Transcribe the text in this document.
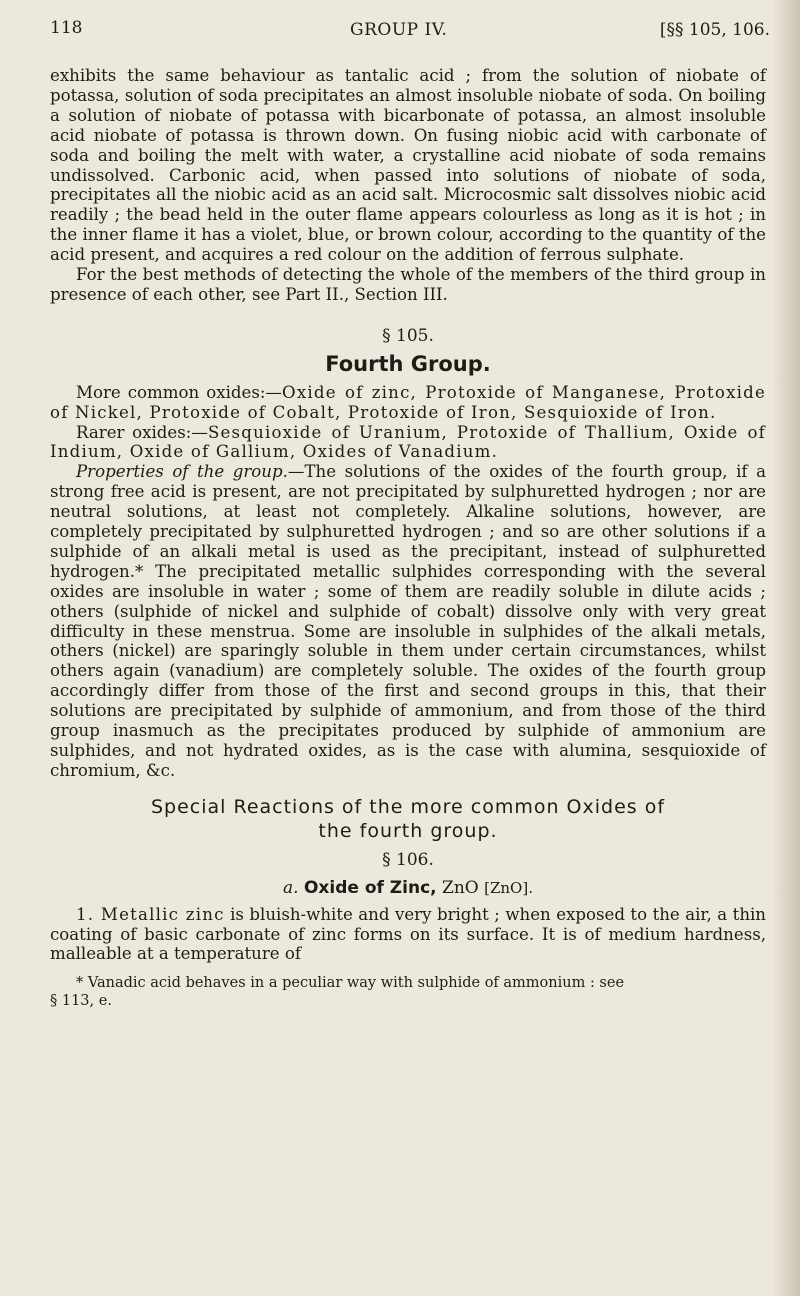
118	GROUP IV.	[§§ 105, 106.

exhibits the same behaviour as tantalic acid ; from the solution of niobate of potassa, solution of soda precipitates an almost insoluble niobate of soda. On boiling a solution of niobate of potassa with bicarbonate of potassa, an almost insoluble acid niobate of potassa is thrown down. On fusing niobic acid with carbonate of soda and boiling the melt with water, a crystalline acid niobate of soda remains undissolved. Carbonic acid, when passed into solutions of niobate of soda, precipitates all the niobic acid as an acid salt. Microcosmic salt dissolves niobic acid readily ; the bead held in the outer flame appears colourless as long as it is hot ; in the inner flame it has a violet, blue, or brown colour, according to the quantity of the acid present, and acquires a red colour on the addition of ferrous sulphate.

For the best methods of detecting the whole of the members of the third group in presence of each other, see Part II., Section III.

§ 105.
Fourth Group.

More common oxides:—Oxide of zinc, Protoxide of Manganese, Protoxide of Nickel, Protoxide of Cobalt, Protoxide of Iron, Sesquioxide of Iron.

Rarer oxides:—Sesquioxide of Uranium, Protoxide of Thallium, Oxide of Indium, Oxide of Gallium, Oxides of Vanadium.

Properties of the group.—The solutions of the oxides of the fourth group, if a strong free acid is present, are not precipitated by sulphuretted hydrogen ; nor are neutral solutions, at least not completely. Alkaline solutions, however, are completely precipitated by sulphuretted hydrogen ; and so are other solutions if a sulphide of an alkali metal is used as the precipitant, instead of sulphuretted hydrogen.* The precipitated metallic sulphides corresponding with the several oxides are insoluble in water ; some of them are readily soluble in dilute acids ; others (sulphide of nickel and sulphide of cobalt) dissolve only with very great difficulty in these menstrua. Some are insoluble in sulphides of the alkali metals, others (nickel) are sparingly soluble in them under certain circumstances, whilst others again (vanadium) are completely soluble. The oxides of the fourth group accordingly differ from those of the first and second groups in this, that their solutions are precipitated by sulphide of ammonium, and from those of the third group inasmuch as the precipitates produced by sulphide of ammonium are sulphides, and not hydrated oxides, as is the case with alumina, sesquioxide of chromium, &c.

Special Reactions of the more common Oxides of
the fourth group.
§ 106.
a. Oxide of Zinc, ZnO [ZnO].

1. Metallic zinc is bluish-white and very bright ; when exposed to the air, a thin coating of basic carbonate of zinc forms on its surface. It is of medium hardness, malleable at a temperature of

* Vanadic acid behaves in a peculiar way with sulphide of ammonium : see
§ 113, e.
